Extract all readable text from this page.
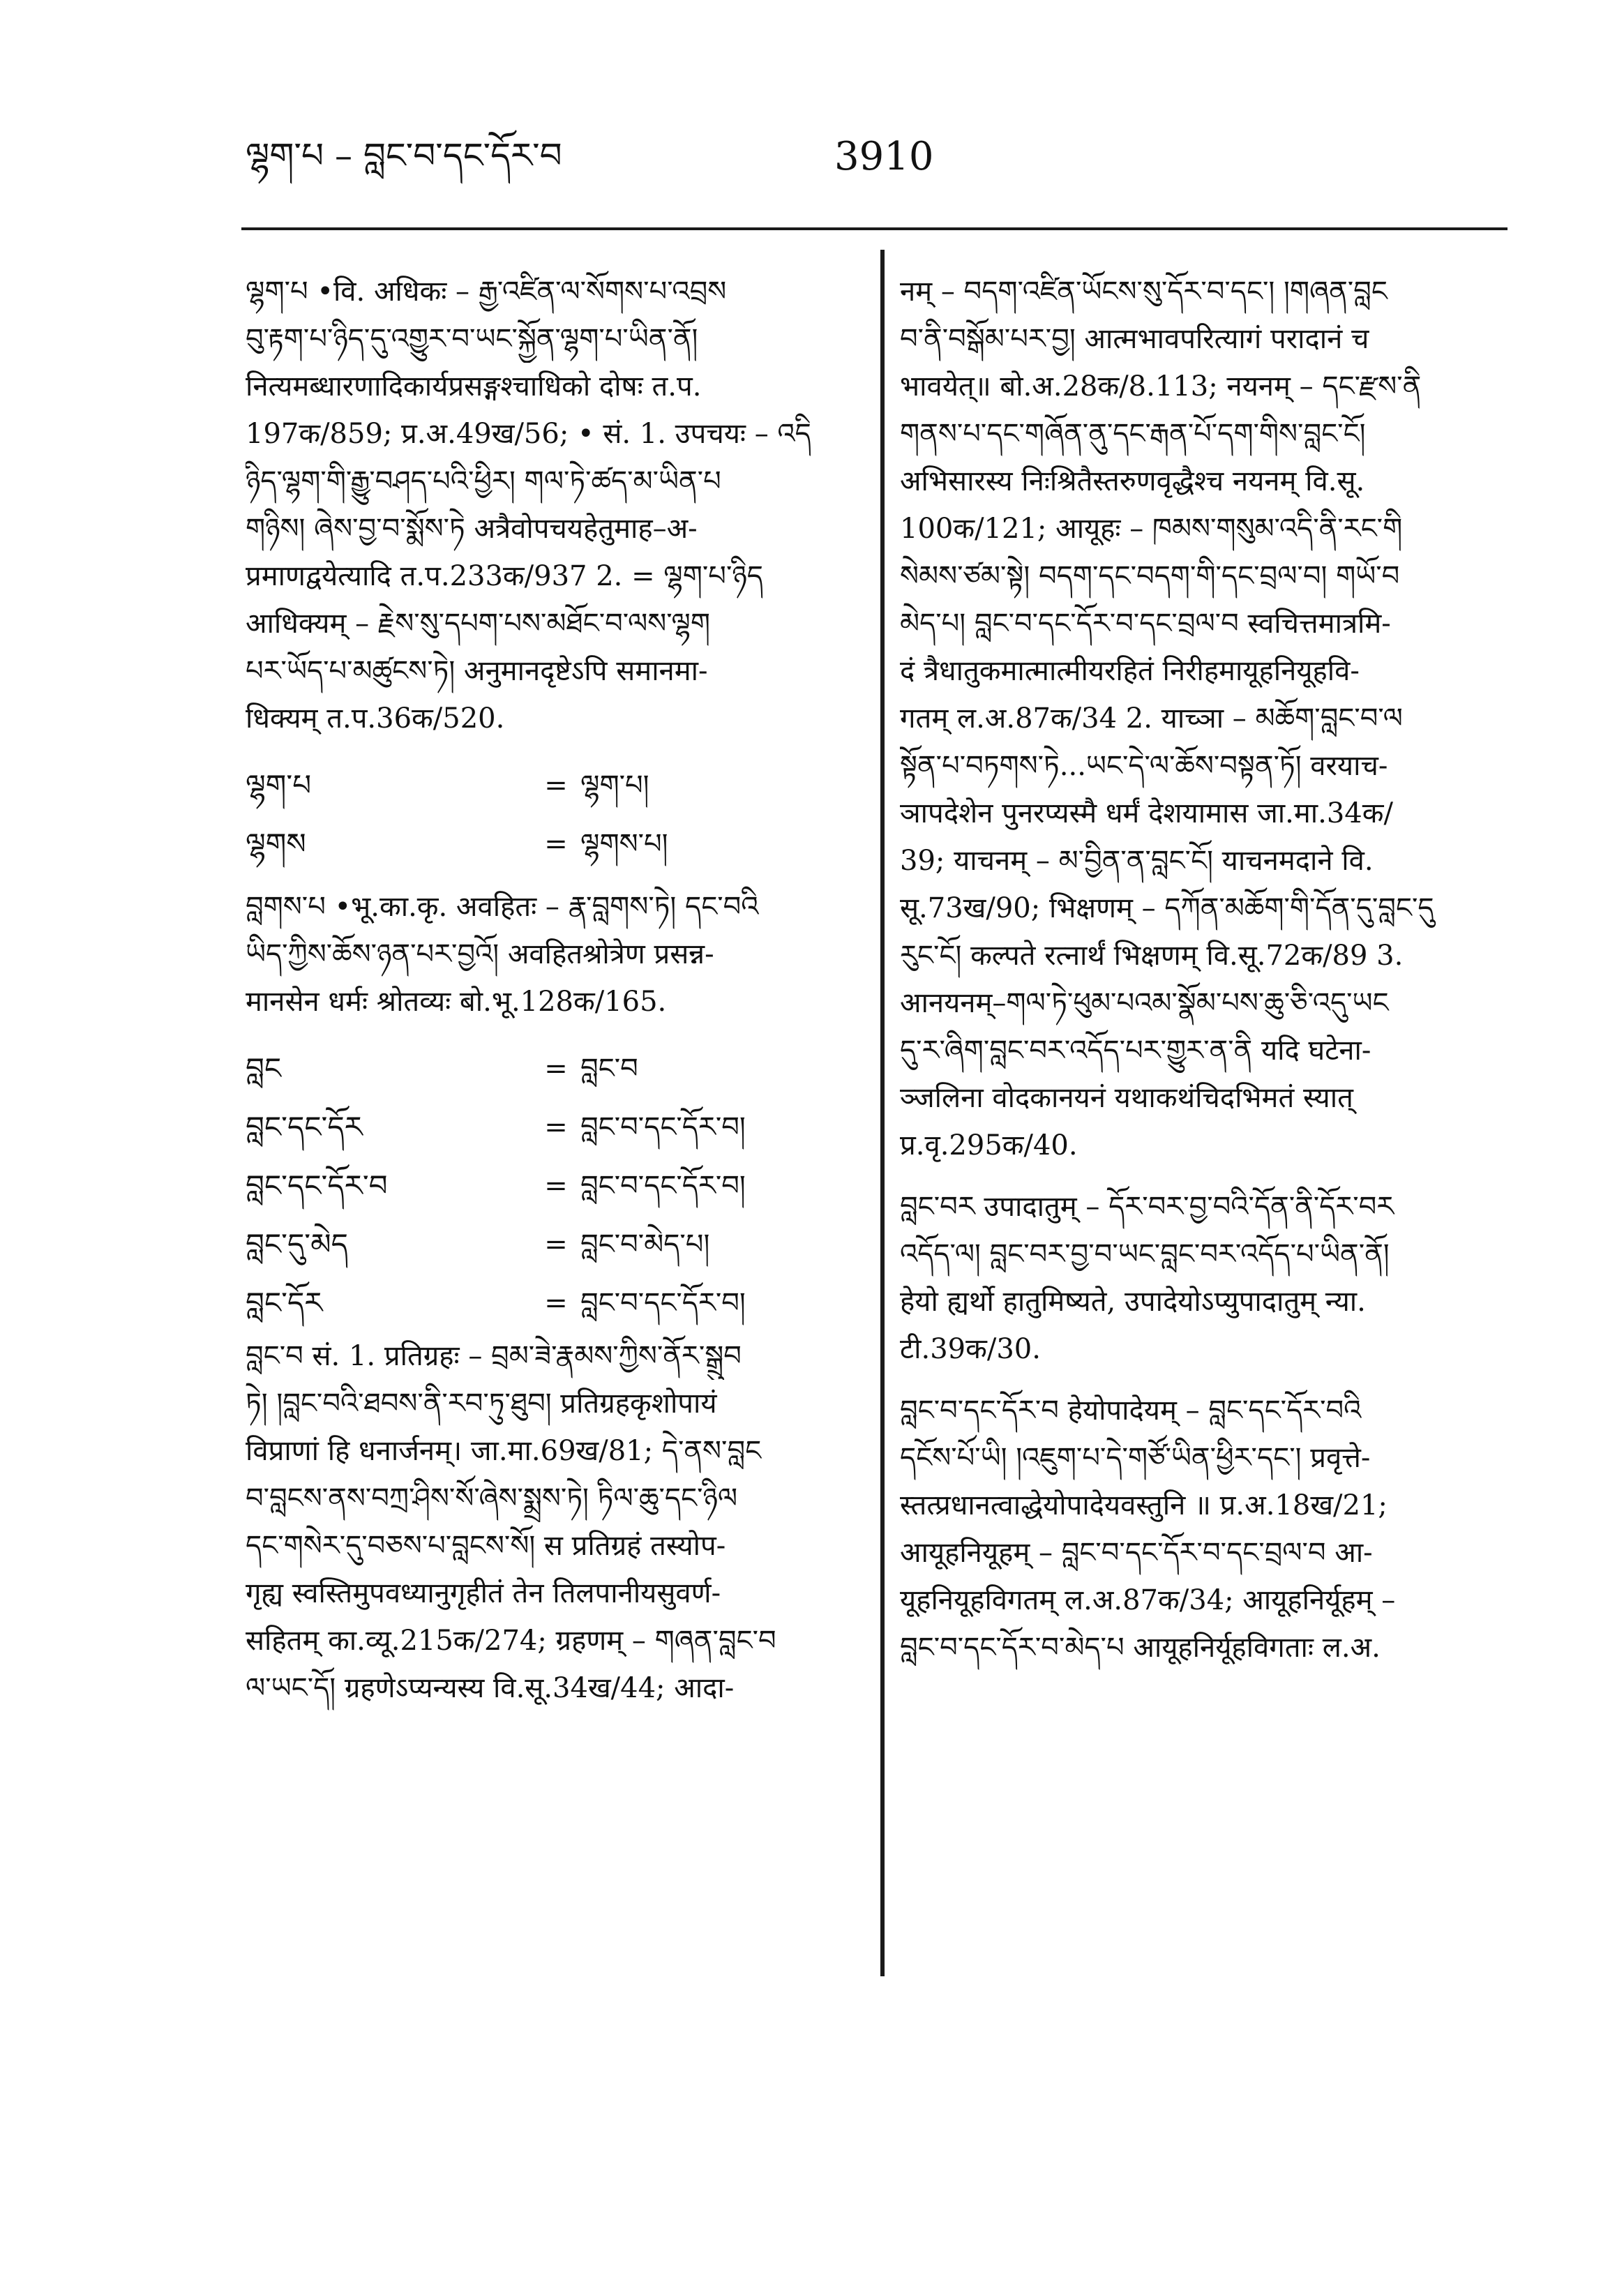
ལྷག་པ – བླང་བ་དང་དོར་བ	3910
ལྷག་པ •वि. अधिकः – རྒྱ་འཛིན་ལ་སོགས་པ་འབྲས
བུ་རྟག་པ་ཉིད་དུ་འགྱུར་བ་ཡང་སྐྱོན་ལྷག་པ་ཡིན་ནོ།
नित्यमब्धारणादिकार्यप्रसङ्गश्चाधिको दोषः त.प.
197क/859; प्र.अ.49ख/56; • सं. 1. उपचयः – འདི
ཉིད་ལྷག་གི་རྒྱུ་བཤད་པའི་ཕྱིར། གལ་ཏེ་ཚད་མ་ཡིན་པ
གཉིས། ཞེས་བྱ་བ་སྨོས་ཏེ अत्रैवोपचयहेतुमाह–अ-
प्रमाणद्वयेत्यादि त.प.233क/937 2. = ལྷག་པ་ཉིད
आधिक्यम् – རྗེས་སུ་དཔག་པས་མཐོང་བ་ལས་ལྷག
པར་ཡོད་པ་མཚུངས་ཏེ། अनुमानदृष्टेऽपि समानमा-
धिक्यम् त.प.36क/520.
ལྷག་པ	= ལྷག་པ།
ལྷགས	= ལྷགས་པ།
བླགས་པ •भू.का.कृ. अवहितः – རྣ་བླགས་ཏེ། དང་བའི
ཡིད་ཀྱིས་ཆོས་ཉན་པར་བྱའོ། अवहितश्रोत्रेण प्रसन्न-
मानसेन धर्मः श्रोतव्यः बो.भू.128क/165.
བླང	= བླང་བ
བླང་དང་དོར	= བླང་བ་དང་དོར་བ།
བླང་དང་དོར་བ	= བླང་བ་དང་དོར་བ།
བླང་དུ་མེད	= བླང་བ་མེད་པ།
བླང་དོར	= བླང་བ་དང་དོར་བ།
བླང་བ सं. 1. प्रतिग्रहः – བྲམ་ཟེ་རྣམས་ཀྱིས་ནོར་སྒྲུབ
ཏེ། །བླང་བའི་ཐབས་ནི་རབ་ཏུ་ཐུབ། प्रतिग्रहकृशोपायं
विप्राणां हि धनार्जनम्। जा.मा.69ख/81; དེ་ནས་བླང
བ་བླངས་ནས་བཀྲ་ཤིས་སོ་ཞེས་སྨྲས་ཏེ། ཏིལ་ཆུ་དང་ཉིལ
དང་གསེར་དུ་བཅས་པ་བླངས་སོ། स प्रतिग्रहं तस्योप-
गृह्य स्वस्तिमुपवध्यानुगृहीतं तेन तिलपानीयसुवर्ण-
सहितम् का.व्यू.215क/274; ग्रहणम् – གཞན་བླང་བ
ལ་ཡང་དོ། ग्रहणेऽप्यन्यस्य वि.सू.34ख/44; आदा-
नम् – བདག་འཛིན་ཡོངས་སུ་དོར་བ་དང་། །གཞན་བླང
བ་ནི་བསྒོམ་པར་བྱ། आत्मभावपरित्यागं परादानं च
भावयेत्॥ बो.अ.28क/8.113; नयनम् – དང་རྫས་ནི
གནས་པ་དང་གཞོན་ནུ་དང་རྒན་པོ་དག་གིས་བླང་ངོ།
अभिसारस्य निःश्रितैस्तरुणवृद्धैश्च नयनम् वि.सू.
100क/121; आयूहः – ཁམས་གསུམ་འདི་ནི་རང་གི
སེམས་ཙམ་སྟེ། བདག་དང་བདག་གི་དང་བྲལ་བ། གཡོ་བ
མེད་པ། བླང་བ་དང་དོར་བ་དང་བྲལ་བ स्वचित्तमात्रमि-
दं त्रैधातुकमात्मात्मीयरहितं निरीहमायूहनियूहवि-
गतम् ल.अ.87क/34 2. याच्ञा – མཆོག་བླང་བ་ལ
སྟོན་པ་བཏགས་ཏེ...ཡང་དེ་ལ་ཆོས་བསྟན་ཏོ། वरयाच-
ञापदेशेन पुनरप्यस्मै धर्मं देशयामास जा.मा.34क/
39; याचनम् – མ་བྱིན་ན་བླང་ངོ། याचनमदाने वि.
सू.73ख/90; भिक्षणम् – དཀོན་མཆོག་གི་དོན་དུ་བླང་དུ
རུང་ངོ། कल्पते रत्नार्थं भिक्षणम् वि.सू.72क/89 3.
आनयनम्–གལ་ཏེ་ཕུམ་པའམ་སྣོམ་པས་ཆུ་ཅི་འདུ་ཡང
དུ་ར་ཞིག་བླང་བར་འདོད་པར་གྱུར་ན་ནི यदि घटेना-
ञ्जलिना वोदकानयनं यथाकथंचिदभिमतं स्यात्
प्र.वृ.295क/40.
བླང་བར उपादातुम् – དོར་བར་བྱ་བའི་དོན་ནི་དོར་བར
འདོད་ལ། བླང་བར་བྱ་བ་ཡང་བླང་བར་འདོད་པ་ཡིན་ནོ།
हेयो ह्यर्थो हातुमिष्यते, उपादेयोऽप्युपादातुम् न्या.
टी.39क/30.
བླང་བ་དང་དོར་བ हेयोपादेयम् – བླང་དང་དོར་བའི
དངོས་པོ་ཡི། །འཇུག་པ་དེ་གཙོ་ཡིན་ཕྱིར་དང་། प्रवृत्ते-
स्तत्प्रधानत्वाद्धेयोपादेयवस्तुनि ॥ प्र.अ.18ख/21;
आयूहनियूहम् – བླང་བ་དང་དོར་བ་དང་བྲལ་བ आ-
यूहनियूहविगतम् ल.अ.87क/34; आयूहनिर्यूहम् –
བླང་བ་དང་དོར་བ་མེད་པ आयूहनिर्यूहविगताः ल.अ.
